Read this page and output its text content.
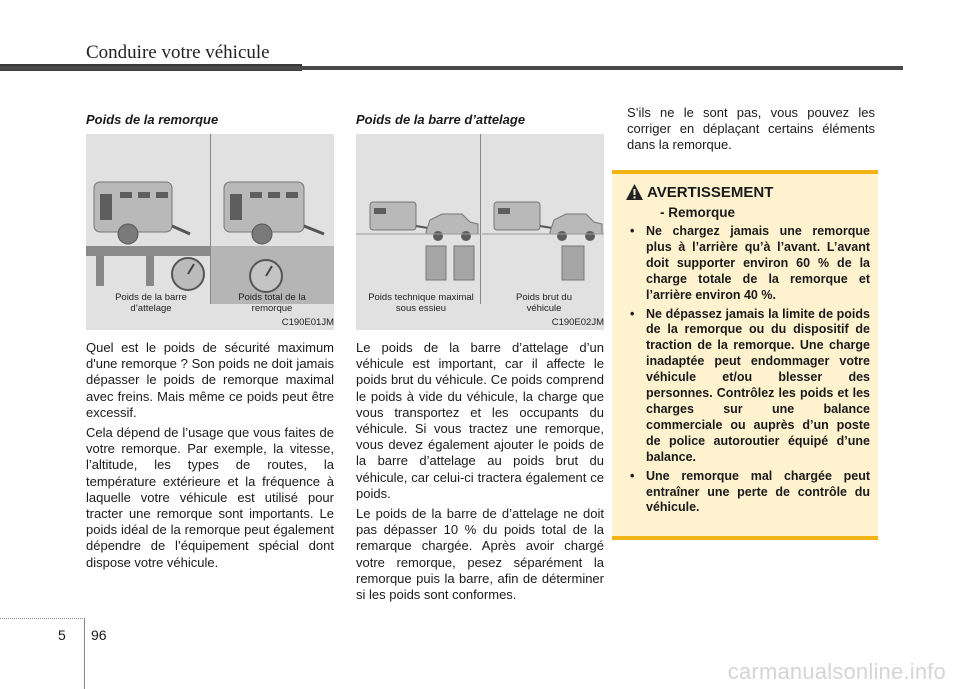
Conduire votre véhicule
Poids de la remorque
Poids de la barre d’attelage
Poids total de la remorque
C190E01JM

Quel est le poids de sécurité maximum d'une remorque ? Son poids ne doit jamais dépasser le poids de remorque maximal avec freins. Mais même ce poids peut être excessif.

Cela dépend de l’usage que vous faites de votre remorque. Par exemple, la vitesse, l’altitude, les types de routes, la température extérieure et la fréquence à laquelle votre véhicule est utilisé pour tracter une remorque sont importants. Le poids idéal de la remorque peut également dépendre de l’équipement spécial dont dispose votre véhicule.

Poids de la barre d’attelage
Poids technique maximal sous essieu
Poids brut du véhicule
C190E02JM

Le poids de la barre d’attelage d’un véhicule est important, car il affecte le poids brut du véhicule. Ce poids comprend le poids à vide du véhicule, la charge que vous transportez et les occupants du véhicule. Si vous tractez une remorque, vous devez également ajouter le poids de la barre d’attelage au poids brut du véhicule, car celui-ci tractera également ce poids.

Le poids de la barre de d’attelage ne doit pas dépasser 10 % du poids total de la remarque chargée. Après avoir chargé votre remorque, pesez séparément la remorque puis la barre, afin de déterminer si les poids sont conformes.

S’ils ne le sont pas, vous pouvez les corriger en déplaçant certains éléments dans la remorque.

AVERTISSEMENT
- Remorque
• Ne chargez jamais une remorque plus à l’arrière qu’à l’avant. L’avant doit supporter environ 60 % de la charge totale de la remorque et l’arrière environ 40 %.
• Ne dépassez jamais la limite de poids de la remorque ou du dispositif de traction de la remorque. Une charge inadaptée peut endommager votre véhicule et/ou blesser des personnes. Contrôlez les poids et les charges sur une balance commerciale ou auprès d’un poste de police autoroutier équipé d’une balance.
• Une remorque mal chargée peut entraîner une perte de contrôle du véhicule.
5 96
carmanualsonline.info
